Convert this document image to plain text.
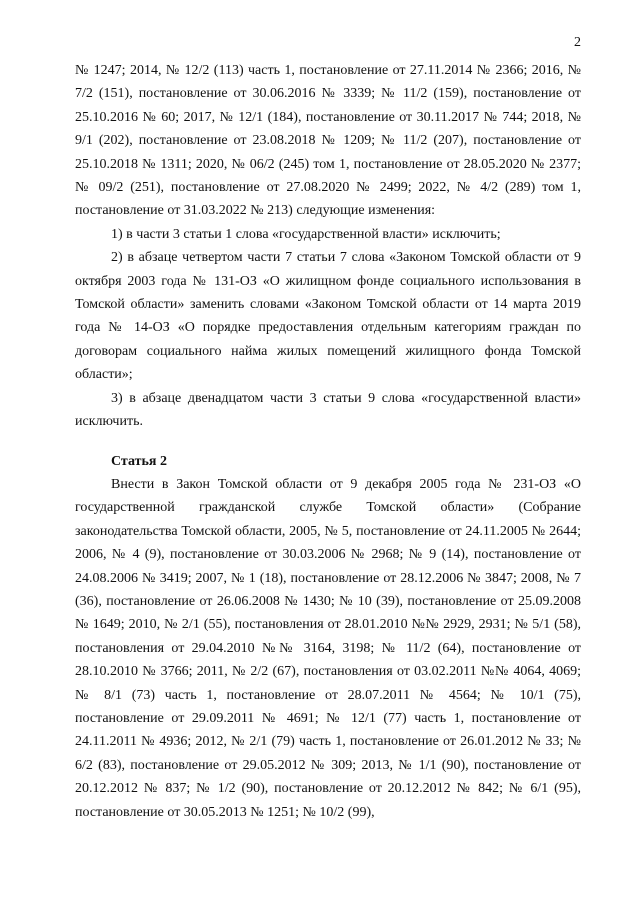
2

№ 1247; 2014, № 12/2 (113) часть 1, постановление от 27.11.2014 № 2366; 2016, № 7/2 (151), постановление от 30.06.2016 № 3339; № 11/2 (159), постановление от 25.10.2016 № 60; 2017, № 12/1 (184), постановление от 30.11.2017 № 744; 2018, № 9/1 (202), постановление от 23.08.2018 № 1209; № 11/2 (207), постановление от 25.10.2018 № 1311; 2020, № 06/2 (245) том 1, постановление от 28.05.2020 № 2377; № 09/2 (251), постановление от 27.08.2020 № 2499; 2022, № 4/2 (289) том 1, постановление от 31.03.2022 № 213) следующие изменения:

1) в части 3 статьи 1 слова «государственной власти» исключить;

2) в абзаце четвертом части 7 статьи 7 слова «Законом Томской области от 9 октября 2003 года № 131-ОЗ «О жилищном фонде социального использования в Томской области» заменить словами «Законом Томской области от 14 марта 2019 года № 14-ОЗ «О порядке предоставления отдельным категориям граждан по договорам социального найма жилых помещений жилищного фонда Томской области»;

3) в абзаце двенадцатом части 3 статьи 9 слова «государственной власти» исключить.

Статья 2

Внести в Закон Томской области от 9 декабря 2005 года № 231-ОЗ «О государственной гражданской службе Томской области» (Собрание законодательства Томской области, 2005, № 5, постановление от 24.11.2005 № 2644; 2006, № 4 (9), постановление от 30.03.2006 № 2968; № 9 (14), постановление от 24.08.2006 № 3419; 2007, № 1 (18), постановление от 28.12.2006 № 3847; 2008, № 7 (36), постановление от 26.06.2008 № 1430; № 10 (39), постановление от 25.09.2008 № 1649; 2010, № 2/1 (55), постановления от 28.01.2010 №№ 2929, 2931; № 5/1 (58), постановления от 29.04.2010 №№ 3164, 3198; № 11/2 (64), постановление от 28.10.2010 № 3766; 2011, № 2/2 (67), постановления от 03.02.2011 №№ 4064, 4069; № 8/1 (73) часть 1, постановление от 28.07.2011 № 4564; № 10/1 (75), постановление от 29.09.2011 № 4691; № 12/1 (77) часть 1, постановление от 24.11.2011 № 4936; 2012, № 2/1 (79) часть 1, постановление от 26.01.2012 № 33; № 6/2 (83), постановление от 29.05.2012 № 309; 2013, № 1/1 (90), постановление от 20.12.2012 № 837; № 1/2 (90), постановление от 20.12.2012 № 842; № 6/1 (95), постановление от 30.05.2013 № 1251; № 10/2 (99),
